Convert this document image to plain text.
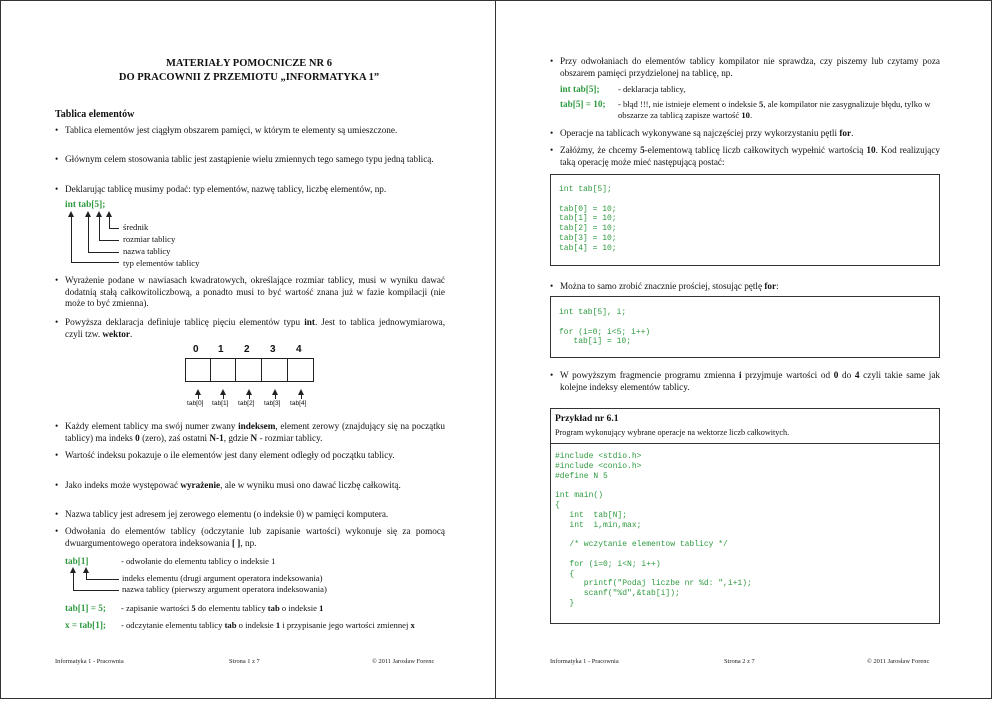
MATERIAŁY POMOCNICZE NR 6
DO PRACOWNII Z PRZEMIOTU „INFORMATYKA 1”
Tablica elementów
• Tablica elementów jest ciągłym obszarem pamięci, w którym te elementy są umieszczone.
• Głównym celem stosowania tablic jest zastąpienie wielu zmiennych tego samego typu jedną tablicą.
• Deklarując tablicę musimy podać: typ elementów, nazwę tablicy, liczbę elementów, np.
int tab[5];
średnik
rozmiar tablicy
nazwa tablicy
typ elementów tablicy
• Wyrażenie podane w nawiasach kwadratowych, określające rozmiar tablicy, musi w wyniku dawać dodatnią stałą całkowitoliczbową, a ponadto musi to być wartość znana już w fazie kompilacji (nie może to być zmienna).
• Powyższa deklaracja definiuje tablicę pięciu elementów typu int. Jest to tablica jednowymiarowa, czyli tzw. wektor.
0 1 2 3 4
tab[0] tab[1] tab[2] tab[3] tab[4]
• Każdy element tablicy ma swój numer zwany indeksem, element zerowy (znajdujący się na początku tablicy) ma indeks 0 (zero), zaś ostatni N-1, gdzie N - rozmiar tablicy.
• Wartość indeksu pokazuje o ile elementów jest dany element odległy od początku tablicy.
• Jako indeks może występować wyrażenie, ale w wyniku musi ono dawać liczbę całkowitą.
• Nazwa tablicy jest adresem jej zerowego elementu (o indeksie 0) w pamięci komputera.
• Odwołania do elementów tablicy (odczytanie lub zapisanie wartości) wykonuje się za pomocą dwuargumentowego operatora indeksowania [ ], np.
tab[1]	- odwołanie do elementu tablicy o indeksie 1
indeks elementu (drugi argument operatora indeksowania)
nazwa tablicy (pierwszy argument operatora indeksowania)
tab[1] = 5; - zapisanie wartości 5 do elementu tablicy tab o indeksie 1
x = tab[1]; - odczytanie elementu tablicy tab o indeksie 1 i przypisanie jego wartości zmiennej x
Informatyka 1 - Pracownia	Strona 1 z 7	© 2011 Jarosław Forenc
• Przy odwołaniach do elementów tablicy kompilator nie sprawdza, czy piszemy lub czytamy poza obszarem pamięci przydzielonej na tablicę, np.
int tab[5]; - deklaracja tablicy,
tab[5] = 10; - błąd !!!, nie istnieje element o indeksie 5, ale kompilator nie zasygnalizuje błędu, tylko w obszarze za tablicą zapisze wartość 10.
• Operacje na tablicach wykonywane są najczęściej przy wykorzystaniu pętli for.
• Załóżmy, że chcemy 5-elementową tablicę liczb całkowitych wypełnić wartością 10. Kod realizujący taką operację może mieć następującą postać:
int tab[5];

tab[0] = 10;
tab[1] = 10;
tab[2] = 10;
tab[3] = 10;
tab[4] = 10;
• Można to samo zrobić znacznie prościej, stosując pętlę for:
int tab[5], i;

for (i=0; i<5; i++)
tab[i] = 10;
• W powyższym fragmencie programu zmienna i przyjmuje wartości od 0 do 4 czyli takie same jak kolejne indeksy elementów tablicy.
Przykład nr 6.1
Program wykonujący wybrane operacje na wektorze liczb całkowitych.
#include <stdio.h>
#include <conio.h>
#define N 5

int main()
{
int  tab[N];
int  i,min,max;

/* wczytanie elementow tablicy */

for (i=0; i<N; i++)
{
printf("Podaj liczbe nr %d: ",i+1);
scanf("%d",&tab[i]);
}
Informatyka 1 - Pracownia	Strona 2 z 7	© 2011 Jarosław Forenc
